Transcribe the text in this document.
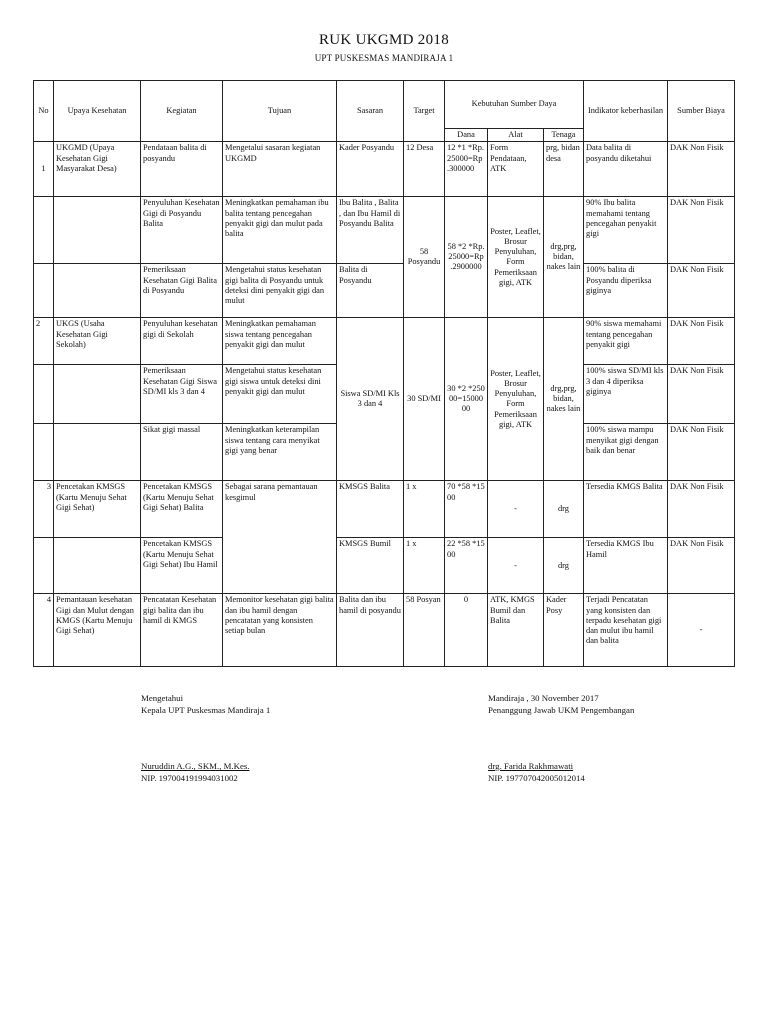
RUK UKGMD 2018
UPT PUSKESMAS MANDIRAJA 1
No	Upaya Kesehatan	Kegiatan	Tujuan	Sasaran	Target	Kebutuhan Sumber Daya			Indikator keberhasilan	Sumber Biaya
						Dana	Alat	Tenaga		
1	UKGMD (Upaya Kesehatan Gigi Masyarakat Desa)	Pendataan balita di posyandu	Mengetalui sasaran kegiatan UKGMD	Kader Posyandu	12 Desa	12 *1 *Rp. 25000=Rp .300000	Form Pendataan, ATK	prg, bidan desa	Data balita di posyandu diketahui	DAK Non Fisik
		Penyuluhan Kesehatan Gigi di Posyandu Balita	Meningkatkan pemahaman ibu balita tentang pencegahan penyakit gigi dan mulut pada balita	Ibu Balita , Balita , dan Ibu Hamil di Posyandu Balita	58 Posyandu	58 *2 *Rp. 25000=Rp .2900000	Poster, Leaflet, Brosur Penyuluhan, Form Pemeriksaan gigi, ATK	drg,prg, bidan, nakes lain	90% Ibu balita memahami tentang pencegahan penyakit gigi	DAK Non Fisik
		Pemeriksaan Kesehatan Gigi Balita di Posyandu	Mengetahui status kesehatan gigi balita di Posyandu untuk deteksi dini penyakit gigi dan mulut	Balita di Posyandu					100% balita di Posyandu diperiksa giginya	DAK Non Fisik
2	UKGS (Usaha Kesehatan Gigi Sekolah)	Penyuluhan kesehatan gigi di Sekolah	Meningkatkan pemahaman siswa tentang pencegahan penyakit gigi dan mulut	Siswa SD/MI Kls 3 dan 4	30 SD/MI	30 *2 *250 00=15000 00	Poster, Leaflet, Brosur Penyuluhan, Form Pemeriksaan gigi, ATK	drg,prg, bidan, nakes lain	90% siswa memahami tentang pencegahan penyakit gigi	DAK Non Fisik
		Pemeriksaan Kesehatan Gigi Siswa SD/MI kls 3 dan 4	Mengetahui status kesehatan gigi siswa untuk deteksi dini penyakit gigi dan mulut						100% siswa SD/MI kls 3 dan 4 diperiksa giginya	DAK Non Fisik
		Sikat gigi massal	Meningkatkan keterampilan siswa tentang cara menyikat gigi yang benar						100% siswa mampu menyikat gigi dengan baik dan benar	DAK Non Fisik
3	Pencetakan KMSGS (Kartu Menuju Sehat Gigi Sehat)	Pencetakan KMSGS (Kartu Menuju Sehat Gigi Sehat) Balita	Sebagai sarana pemantauan kesgimul	KMSGS Balita	1 x	70 *58 *15 00	-	drg	Tersedia KMGS Balita	DAK Non Fisik
		Pencetakan KMSGS (Kartu Menuju Sehat Gigi Sehat) Ibu Hamil		KMSGS Bumil	1 x	22 *58 *15 00	-	drg	Tersedia KMGS Ibu Hamil	DAK Non Fisik
4	Pemantauan kesehatan Gigi dan Mulut dengan KMGS (Kartu Menuju Gigi Sehat)	Pencatatan Kesehatan gigi balita dan ibu hamil di KMGS	Memonitor kesehatan gigi balita dan ibu hamil dengan pencatatan yang konsisten setiap bulan	Balita dan ibu hamil di posyandu	58 Posyan	0	ATK, KMGS Bumil dan Balita	Kader Posy	Terjadi Pencatatan yang konsisten dan terpadu kesehatan gigi dan mulut ibu hamil dan balita	-
Mengetahui
Kepala UPT Puskesmas Mandiraja 1
Nuruddin A.G., SKM., M.Kes.
NIP. 197004191994031002
Mandiraja , 30 November 2017
Penanggung Jawab UKM Pengembangan
drg. Farida Rakhmawati
NIP. 197707042005012014
